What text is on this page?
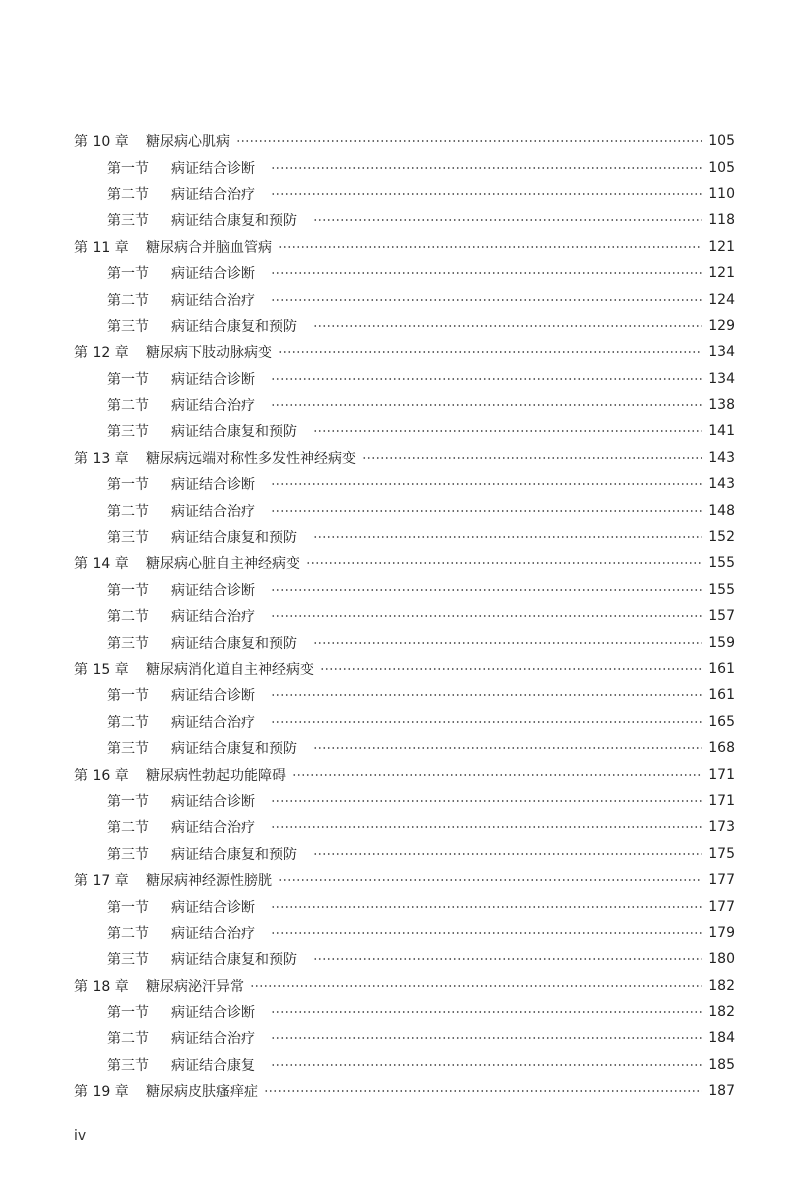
第 10 章	糖尿病心肌病	105
第一节	病证结合诊断	105
第二节	病证结合治疗	110
第三节	病证结合康复和预防	118
第 11 章	糖尿病合并脑血管病	121
第一节	病证结合诊断	121
第二节	病证结合治疗	124
第三节	病证结合康复和预防	129
第 12 章	糖尿病下肢动脉病变	134
第一节	病证结合诊断	134
第二节	病证结合治疗	138
第三节	病证结合康复和预防	141
第 13 章	糖尿病远端对称性多发性神经病变	143
第一节	病证结合诊断	143
第二节	病证结合治疗	148
第三节	病证结合康复和预防	152
第 14 章	糖尿病心脏自主神经病变	155
第一节	病证结合诊断	155
第二节	病证结合治疗	157
第三节	病证结合康复和预防	159
第 15 章	糖尿病消化道自主神经病变	161
第一节	病证结合诊断	161
第二节	病证结合治疗	165
第三节	病证结合康复和预防	168
第 16 章	糖尿病性勃起功能障碍	171
第一节	病证结合诊断	171
第二节	病证结合治疗	173
第三节	病证结合康复和预防	175
第 17 章	糖尿病神经源性膀胱	177
第一节	病证结合诊断	177
第二节	病证结合治疗	179
第三节	病证结合康复和预防	180
第 18 章	糖尿病泌汗异常	182
第一节	病证结合诊断	182
第二节	病证结合治疗	184
第三节	病证结合康复	185
第 19 章	糖尿病皮肤瘙痒症	187
iv
